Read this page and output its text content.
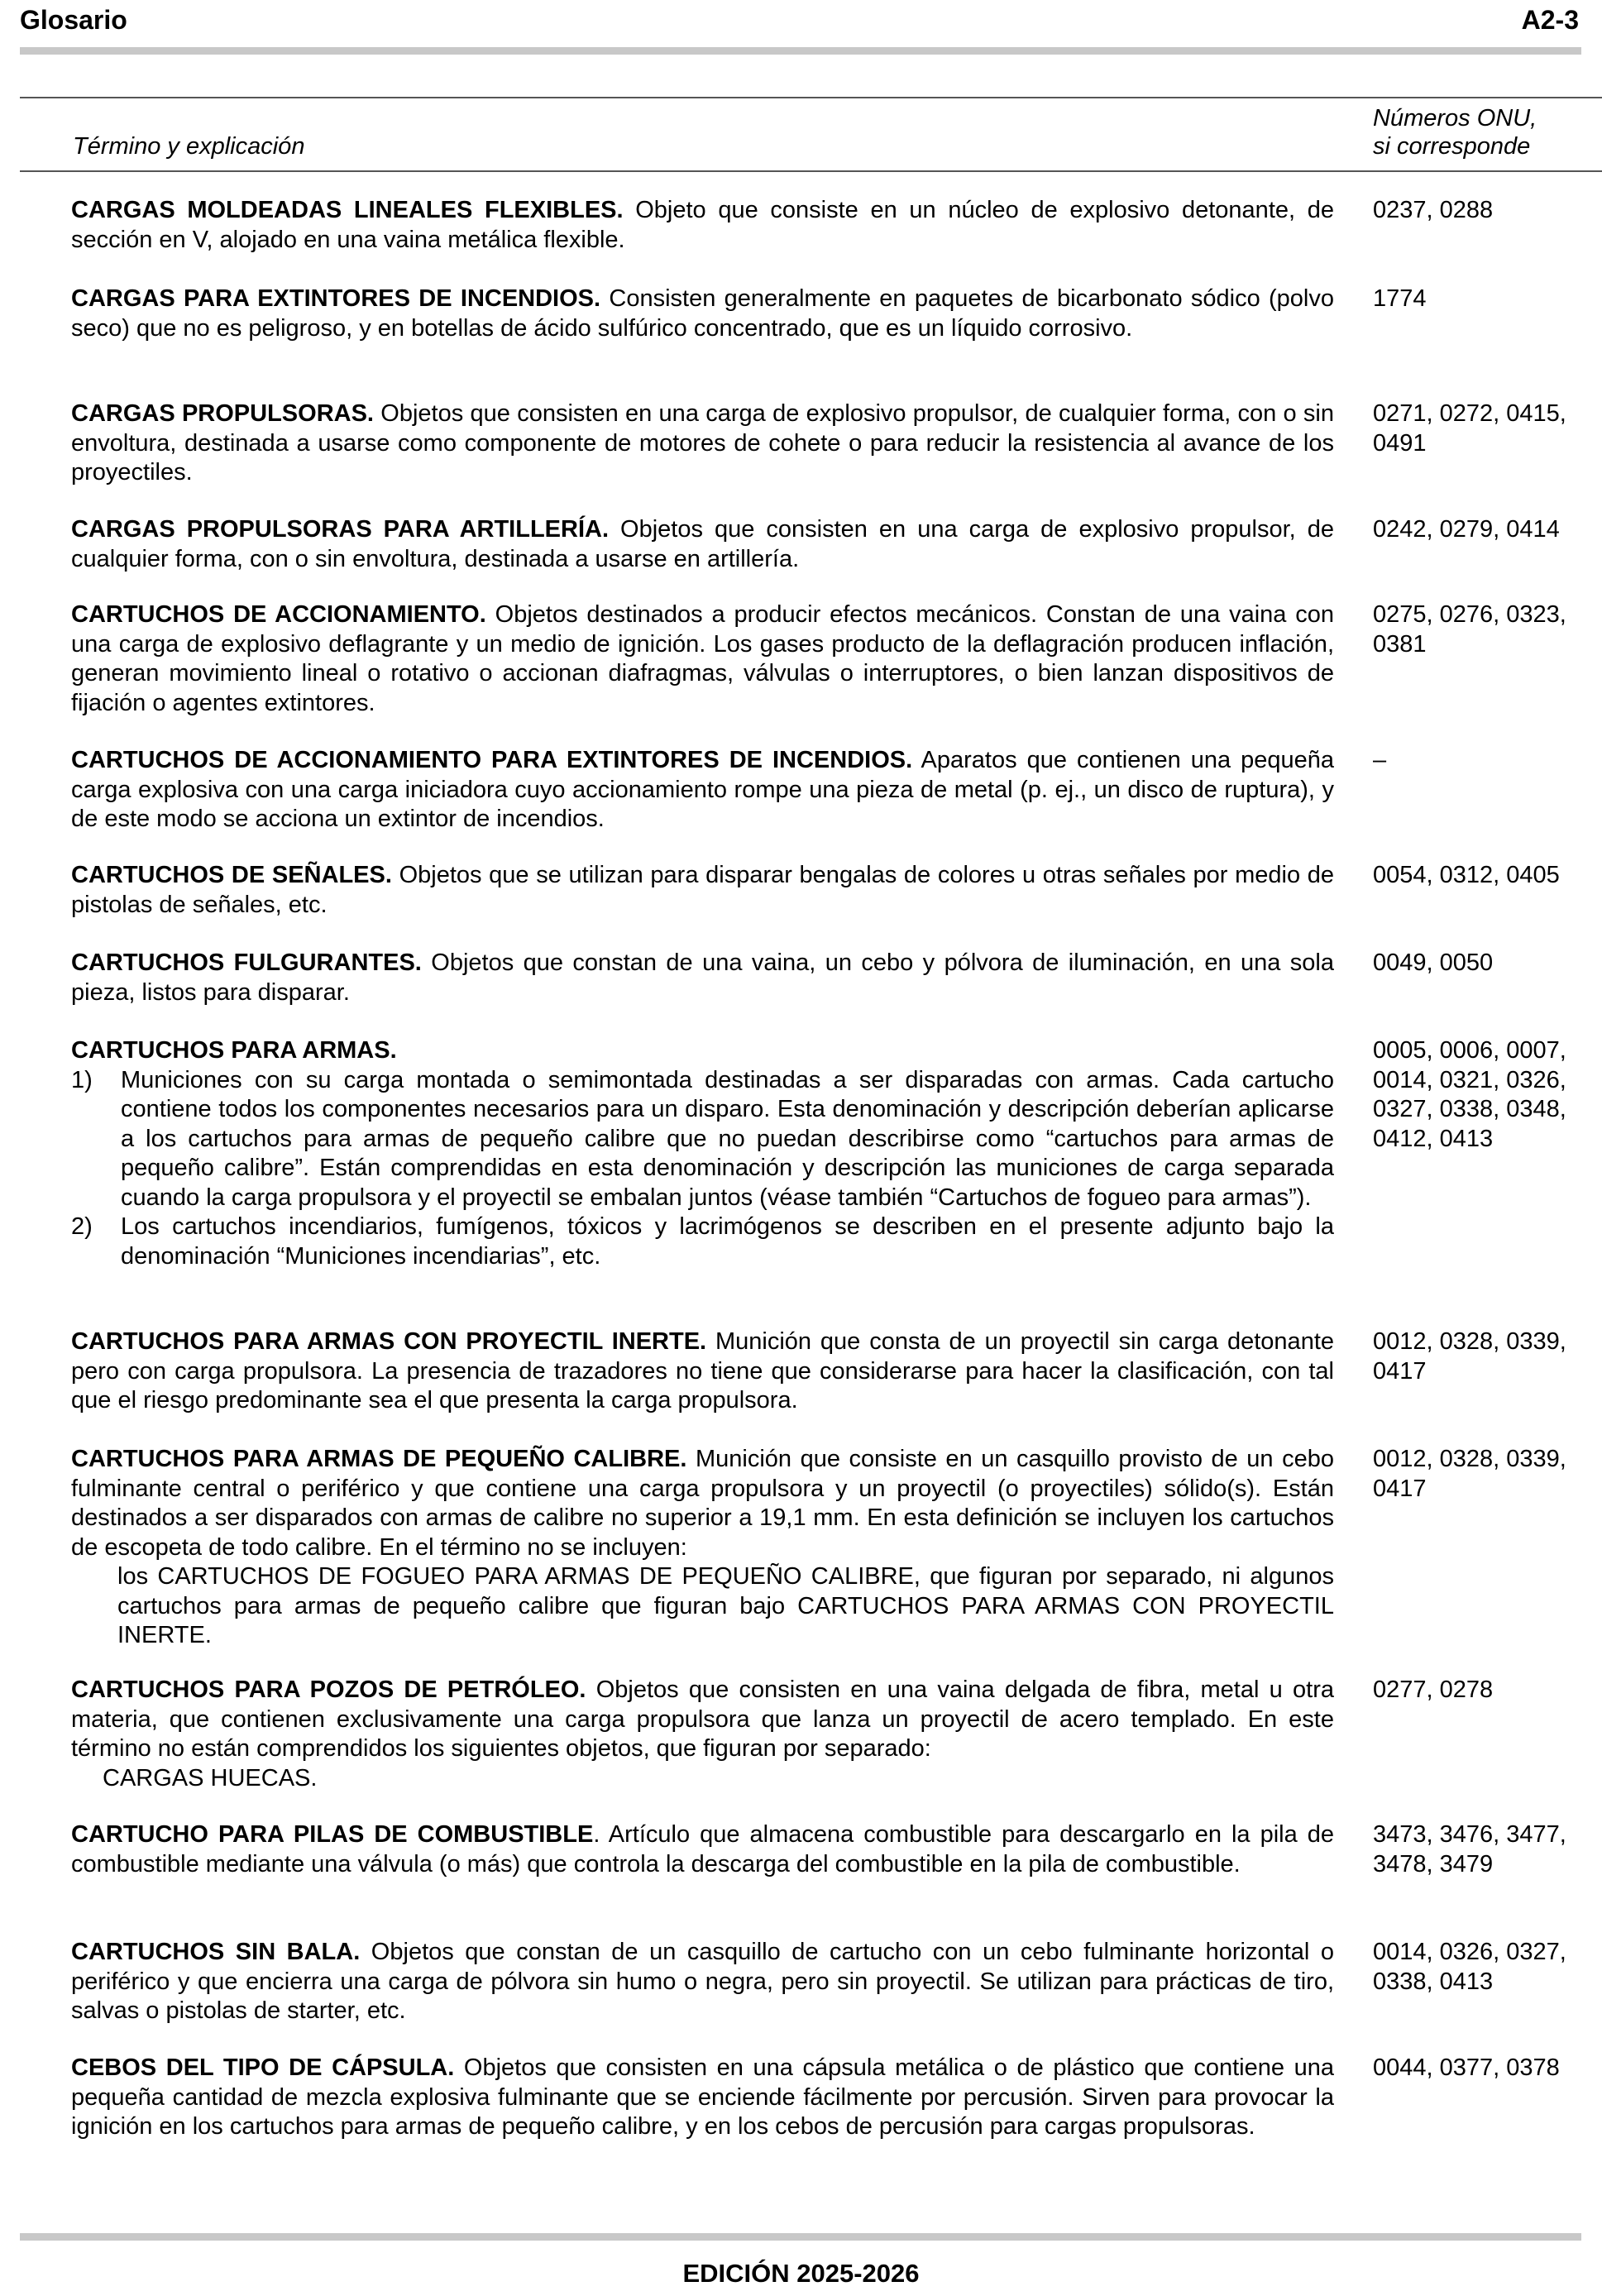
Glosario	A2-3
Término y explicación
Números ONU,
si corresponde
CARGAS MOLDEADAS LINEALES FLEXIBLES. Objeto que consiste en un núcleo de explosivo detonante, de sección en V, alojado en una vaina metálica flexible.
0237, 0288
CARGAS PARA EXTINTORES DE INCENDIOS. Consisten generalmente en paquetes de bicarbonato sódico (polvo seco) que no es peligroso, y en botellas de ácido sulfúrico concentrado, que es un líquido corrosivo.
1774
CARGAS PROPULSORAS. Objetos que consisten en una carga de explosivo propulsor, de cualquier forma, con o sin envoltura, destinada a usarse como componente de motores de cohete o para reducir la resistencia al avance de los proyectiles.
0271, 0272, 0415, 0491
CARGAS PROPULSORAS PARA ARTILLERÍA. Objetos que consisten en una carga de explosivo propulsor, de cualquier forma, con o sin envoltura, destinada a usarse en artillería.
0242, 0279, 0414
CARTUCHOS DE ACCIONAMIENTO. Objetos destinados a producir efectos mecánicos. Constan de una vaina con una carga de explosivo deflagrante y un medio de ignición. Los gases producto de la deflagración producen inflación, generan movimiento lineal o rotativo o accionan diafragmas, válvulas o interruptores, o bien lanzan dispositivos de fijación o agentes extintores.
0275, 0276, 0323, 0381
CARTUCHOS DE ACCIONAMIENTO PARA EXTINTORES DE INCENDIOS. Aparatos que contienen una pequeña carga explosiva con una carga iniciadora cuyo accionamiento rompe una pieza de metal (p. ej., un disco de ruptura), y de este modo se acciona un extintor de incendios.
–
CARTUCHOS DE SEÑALES. Objetos que se utilizan para disparar bengalas de colores u otras señales por medio de pistolas de señales, etc.
0054, 0312, 0405
CARTUCHOS FULGURANTES. Objetos que constan de una vaina, un cebo y pólvora de iluminación, en una sola pieza, listos para disparar.
0049, 0050
CARTUCHOS PARA ARMAS.
1) Municiones con su carga montada o semimontada destinadas a ser disparadas con armas. Cada cartucho contiene todos los componentes necesarios para un disparo. Esta denominación y descripción deberían aplicarse a los cartuchos para armas de pequeño calibre que no puedan describirse como “cartuchos para armas de pequeño calibre”. Están comprendidas en esta denominación y descripción las municiones de carga separada cuando la carga propulsora y el proyectil se embalan juntos (véase también “Cartuchos de fogueo para armas”).
2) Los cartuchos incendiarios, fumígenos, tóxicos y lacrimógenos se describen en el presente adjunto bajo la denominación “Municiones incendiarias”, etc.
0005, 0006, 0007, 0014, 0321, 0326, 0327, 0338, 0348, 0412, 0413
CARTUCHOS PARA ARMAS CON PROYECTIL INERTE. Munición que consta de un proyectil sin carga detonante pero con carga propulsora. La presencia de trazadores no tiene que considerarse para hacer la clasificación, con tal que el riesgo predominante sea el que presenta la carga propulsora.
0012, 0328, 0339, 0417
CARTUCHOS PARA ARMAS DE PEQUEÑO CALIBRE. Munición que consiste en un casquillo provisto de un cebo fulminante central o periférico y que contiene una carga propulsora y un proyectil (o proyectiles) sólido(s). Están destinados a ser disparados con armas de calibre no superior a 19,1 mm. En esta definición se incluyen los cartuchos de escopeta de todo calibre. En el término no se incluyen:
los CARTUCHOS DE FOGUEO PARA ARMAS DE PEQUEÑO CALIBRE, que figuran por separado, ni algunos cartuchos para armas de pequeño calibre que figuran bajo CARTUCHOS PARA ARMAS CON PROYECTIL INERTE.
0012, 0328, 0339, 0417
CARTUCHOS PARA POZOS DE PETRÓLEO. Objetos que consisten en una vaina delgada de fibra, metal u otra materia, que contienen exclusivamente una carga propulsora que lanza un proyectil de acero templado. En este término no están comprendidos los siguientes objetos, que figuran por separado:
CARGAS HUECAS.
0277, 0278
CARTUCHO PARA PILAS DE COMBUSTIBLE. Artículo que almacena combustible para descargarlo en la pila de combustible mediante una válvula (o más) que controla la descarga del combustible en la pila de combustible.
3473, 3476, 3477, 3478, 3479
CARTUCHOS SIN BALA. Objetos que constan de un casquillo de cartucho con un cebo fulminante horizontal o periférico y que encierra una carga de pólvora sin humo o negra, pero sin proyectil. Se utilizan para prácticas de tiro, salvas o pistolas de starter, etc.
0014, 0326, 0327, 0338, 0413
CEBOS DEL TIPO DE CÁPSULA. Objetos que consisten en una cápsula metálica o de plástico que contiene una pequeña cantidad de mezcla explosiva fulminante que se enciende fácilmente por percusión. Sirven para provocar la ignición en los cartuchos para armas de pequeño calibre, y en los cebos de percusión para cargas propulsoras.
0044, 0377, 0378
EDICIÓN 2025-2026
